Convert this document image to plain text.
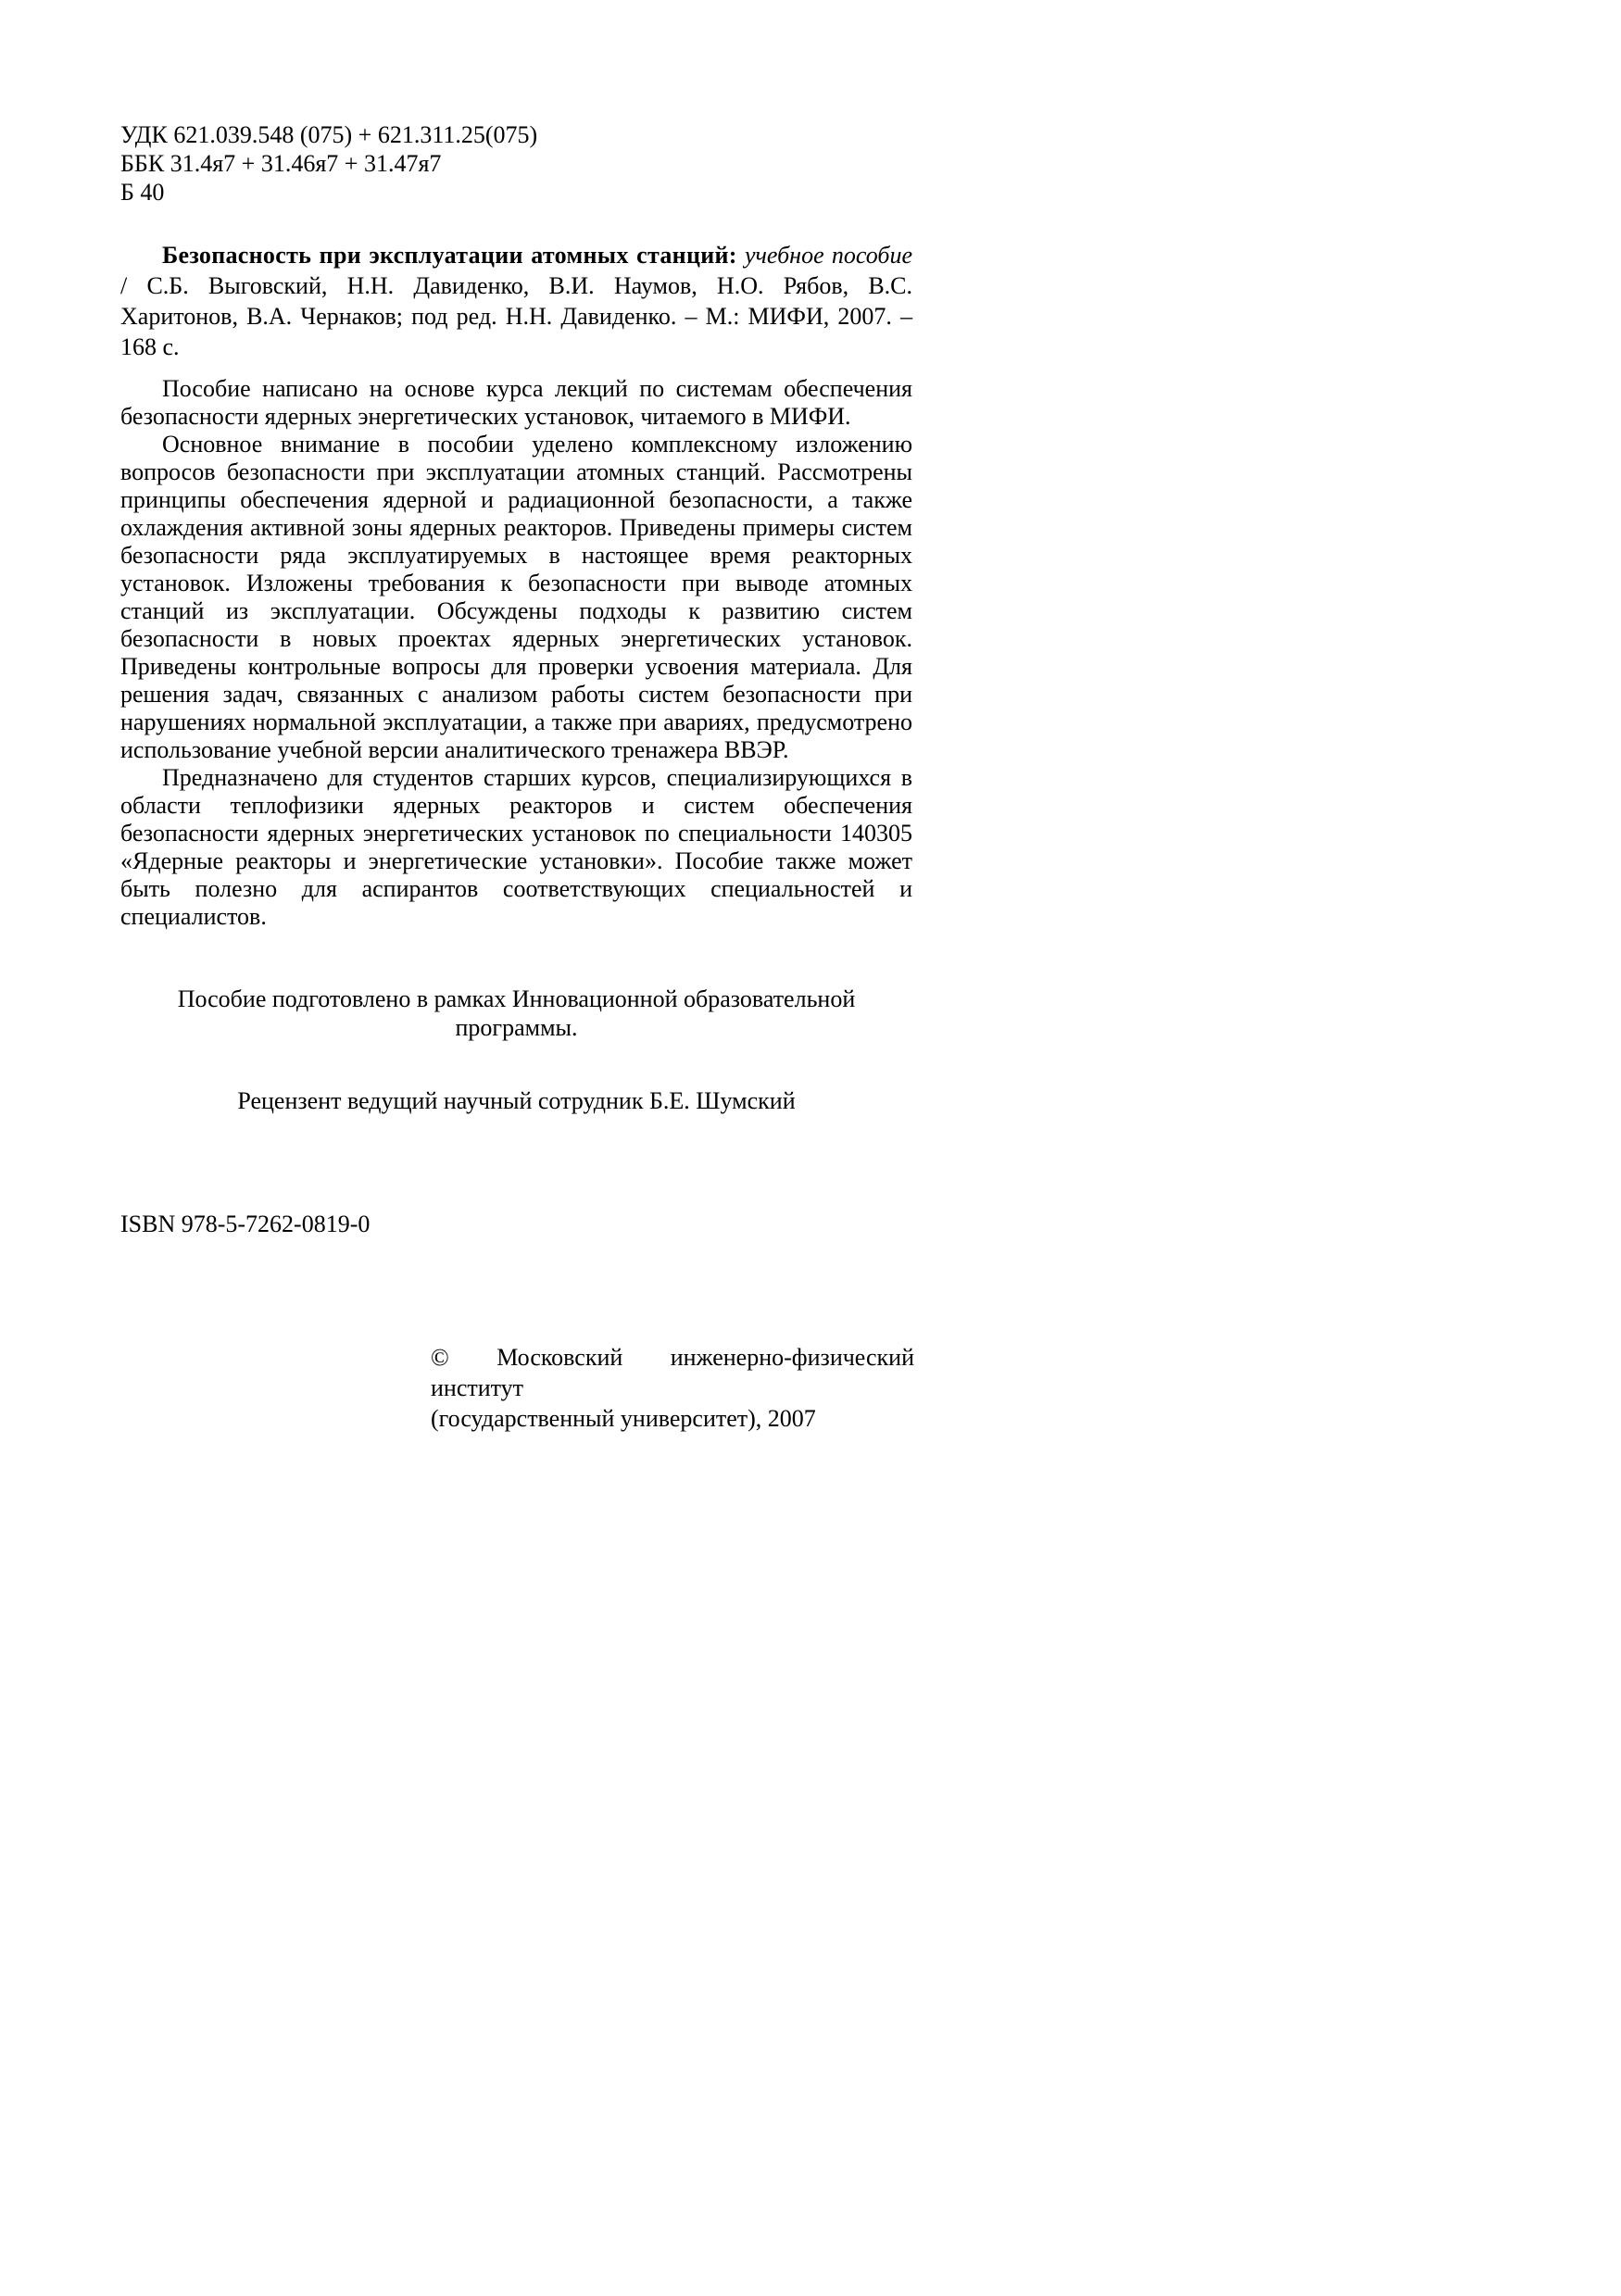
УДК 621.039.548 (075) + 621.311.25(075)
ББК 31.4я7 + 31.46я7 + 31.47я7
Б 40

Безопасность при эксплуатации атомных станций: учебное пособие / С.Б. Выговский, Н.Н. Давиденко, В.И. Наумов, Н.О. Рябов, В.С. Харитонов, В.А. Чернаков; под ред. Н.Н. Давиденко. – М.: МИФИ, 2007. – 168 с.

Пособие написано на основе курса лекций по системам обеспечения безопасности ядерных энергетических установок, читаемого в МИФИ.

Основное внимание в пособии уделено комплексному изложению вопросов безопасности при эксплуатации атомных станций. Рассмотрены принципы обеспечения ядерной и радиационной безопасности, а также охлаждения активной зоны ядерных реакторов. Приведены примеры систем безопасности ряда эксплуатируемых в настоящее время реакторных установок. Изложены требования к безопасности при выводе атомных станций из эксплуатации. Обсуждены подходы к развитию систем безопасности в новых проектах ядерных энергетических установок. Приведены контрольные вопросы для проверки усвоения материала. Для решения задач, связанных с анализом работы систем безопасности при нарушениях нормальной эксплуатации, а также при авариях, предусмотрено использование учебной версии аналитического тренажера ВВЭР.

Предназначено для студентов старших курсов, специализирующихся в области теплофизики ядерных реакторов и систем обеспечения безопасности ядерных энергетических установок по специальности 140305 «Ядерные реакторы и энергетические установки». Пособие также может быть полезно для аспирантов соответствующих специальностей и специалистов.

Пособие подготовлено в рамках Инновационной образовательной программы.

Рецензент ведущий научный сотрудник Б.Е. Шумский

ISBN 978-5-7262-0819-0

© Московский инженерно-физический институт
(государственный университет), 2007
